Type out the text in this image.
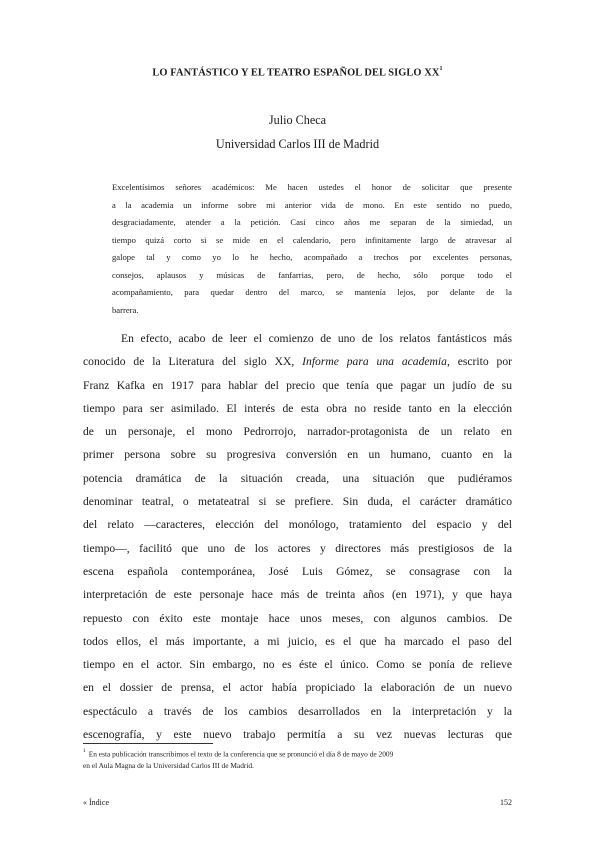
LO FANTÁSTICO Y EL TEATRO ESPAÑOL DEL SIGLO $XX^1$
Julio Checa
Universidad Carlos III de Madrid
Excelentísimos señores académicos: Me hacen ustedes el honor de solicitar que presente
a la academia un informe sobre mi anterior vida de mono. En este sentido no puedo,
desgraciadamente, atender a la petición. Casi cinco años me separan de la simiedad, un
tiempo quizá corto si se mide en el calendario, pero infinitamente largo de atravesar al
galope tal y como yo lo he hecho, acompañado a trechos por excelentes personas,
consejos, aplausos y músicas de fanfarrias, pero, de hecho, sólo porque todo el
acompañamiento, para quedar dentro del marco, se mantenía lejos, por delante de la
barrera.
En efecto, acabo de leer el comienzo de uno de los relatos fantásticos más
conocido de la Literatura del siglo XX, Informe para una academia, escrito por
Franz Kafka en 1917 para hablar del precio que tenía que pagar un judío de su
tiempo para ser asimilado. El interés de esta obra no reside tanto en la elección
de un personaje, el mono Pedrorrojo, narrador-protagonista de un relato en
primer persona sobre su progresiva conversión en un humano, cuanto en la
potencia dramática de la situación creada, una situación que pudiéramos
denominar teatral, o metateatral si se prefiere. Sin duda, el carácter dramático
del relato —caracteres, elección del monólogo, tratamiento del espacio y del
tiempo—, facilitó que uno de los actores y directores más prestigiosos de la
escena española contemporánea, José Luis Gómez, se consagrase con la
interpretación de este personaje hace más de treinta años (en 1971), y que haya
repuesto con éxito este montaje hace unos meses, con algunos cambios. De
todos ellos, el más importante, a mi juicio, es el que ha marcado el paso del
tiempo en el actor. Sin embargo, no es éste el único. Como se ponía de relieve
en el dossier de prensa, el actor había propiciado la elaboración de un nuevo
espectáculo a través de los cambios desarrollados en la interpretación y la
escenografía, y este nuevo trabajo permitía a su vez nuevas lecturas que
$^1$ En esta publicación transcribimos el texto de la conferencia que se pronunció el día 8 de mayo de 2009
en el Aula Magna de la Universidad Carlos III de Madrid.
« Índice	152
